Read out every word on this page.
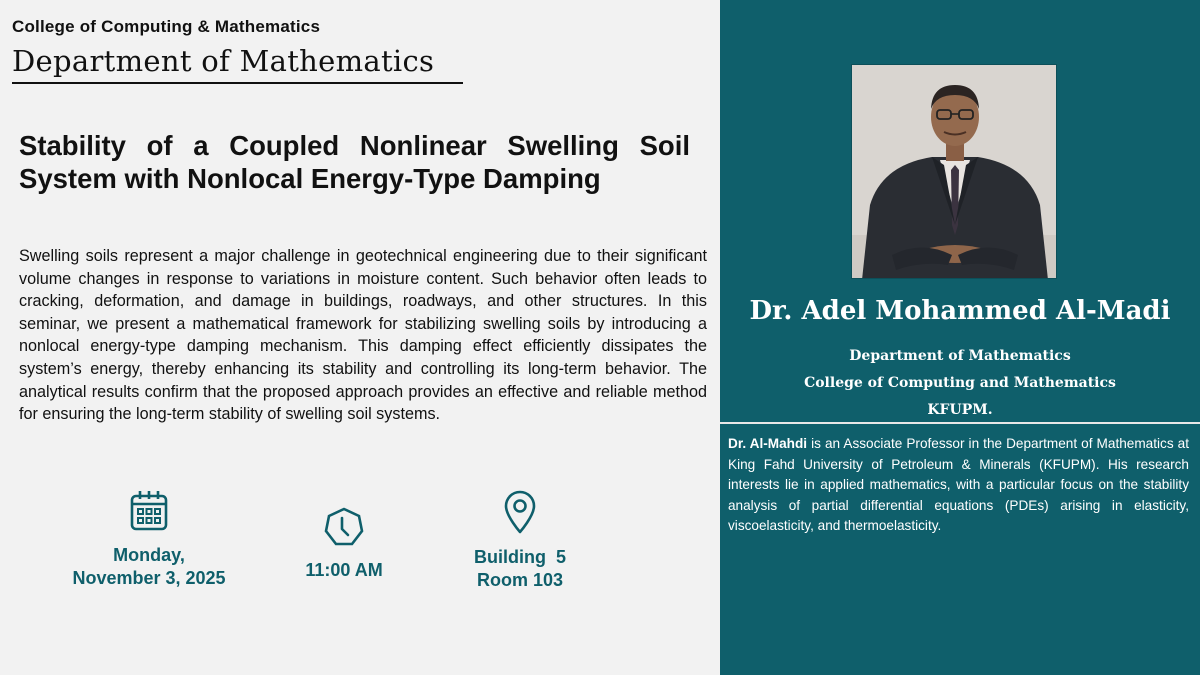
College of Computing & Mathematics
Department of Mathematics
Stability of a Coupled Nonlinear Swelling Soil
System with Nonlocal Energy-Type Damping

Swelling soils represent a major challenge in geotechnical engineering due to their significant volume changes in response to variations in moisture content. Such behavior often leads to cracking, deformation, and damage in buildings, roadways, and other structures. In this seminar, we present a mathematical framework for stabilizing swelling soils by introducing a nonlocal energy-type damping mechanism. This damping effect efficiently dissipates the system’s energy, thereby enhancing its stability and controlling its long-term behavior. The analytical results confirm that the proposed approach provides an effective and reliable method for ensuring the long-term stability of swelling soil systems.

Monday,
November 3, 2025	11:00 AM
Building  5
Room 103
Dr. Adel Mohammed Al-Madi
Department of Mathematics
College of Computing and Mathematics
KFUPM.

Dr. Al-Mahdi is an Associate Professor in the Department of Mathematics at King Fahd University of Petroleum & Minerals (KFUPM). His research interests lie in applied mathematics, with a particular focus on the stability analysis of partial differential equations (PDEs) arising in elasticity, viscoelasticity, and thermoelasticity.
